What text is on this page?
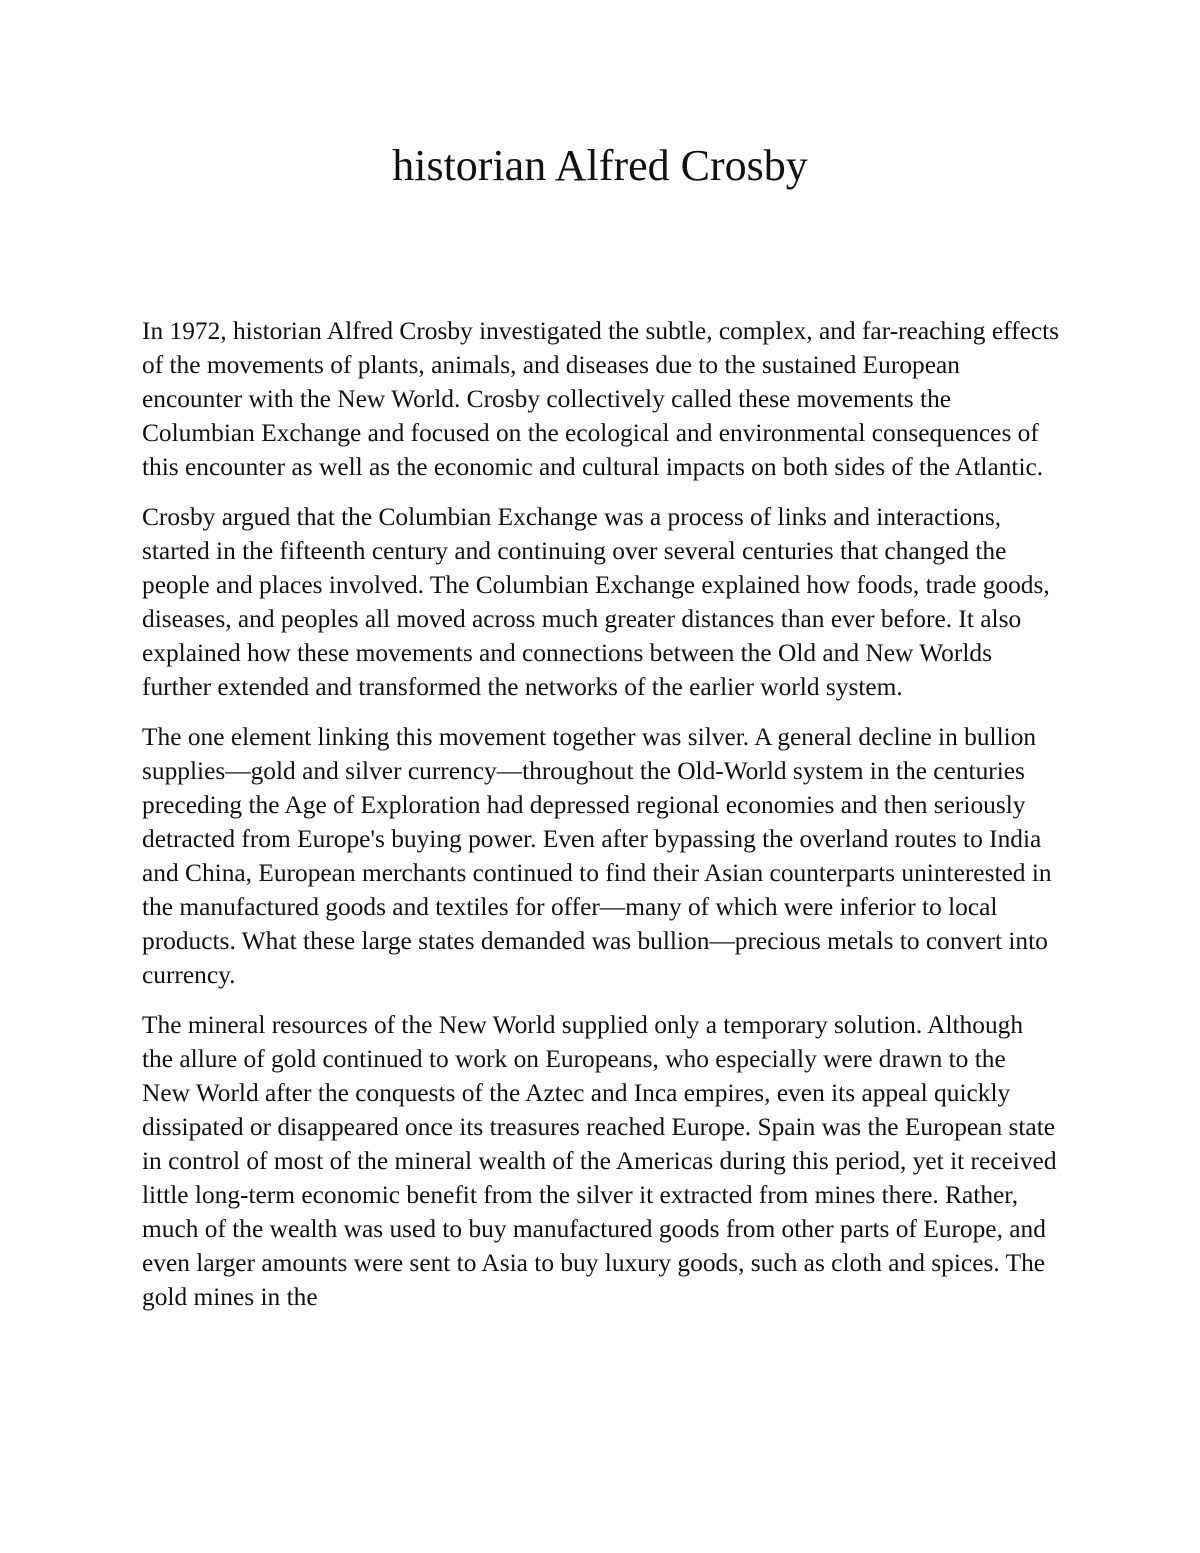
historian Alfred Crosby

In 1972, historian Alfred Crosby investigated the subtle, complex, and far-reaching effects of the movements of plants, animals, and diseases due to the sustained European encounter with the New World. Crosby collectively called these movements the Columbian Exchange and focused on the ecological and environmental consequences of this encounter as well as the economic and cultural impacts on both sides of the Atlantic.

Crosby argued that the Columbian Exchange was a process of links and interactions, started in the fifteenth century and continuing over several centuries that changed the people and places involved. The Columbian Exchange explained how foods, trade goods, diseases, and peoples all moved across much greater distances than ever before. It also explained how these movements and connections between the Old and New Worlds further extended and transformed the networks of the earlier world system.

The one element linking this movement together was silver. A general decline in bullion supplies—gold and silver currency—throughout the Old-World system in the centuries preceding the Age of Exploration had depressed regional economies and then seriously detracted from Europe's buying power. Even after bypassing the overland routes to India and China, European merchants continued to find their Asian counterparts uninterested in the manufactured goods and textiles for offer—many of which were inferior to local products. What these large states demanded was bullion—precious metals to convert into currency.

The mineral resources of the New World supplied only a temporary solution. Although the allure of gold continued to work on Europeans, who especially were drawn to the New World after the conquests of the Aztec and Inca empires, even its appeal quickly dissipated or disappeared once its treasures reached Europe. Spain was the European state in control of most of the mineral wealth of the Americas during this period, yet it received little long-term economic benefit from the silver it extracted from mines there. Rather, much of the wealth was used to buy manufactured goods from other parts of Europe, and even larger amounts were sent to Asia to buy luxury goods, such as cloth and spices. The gold mines in the
